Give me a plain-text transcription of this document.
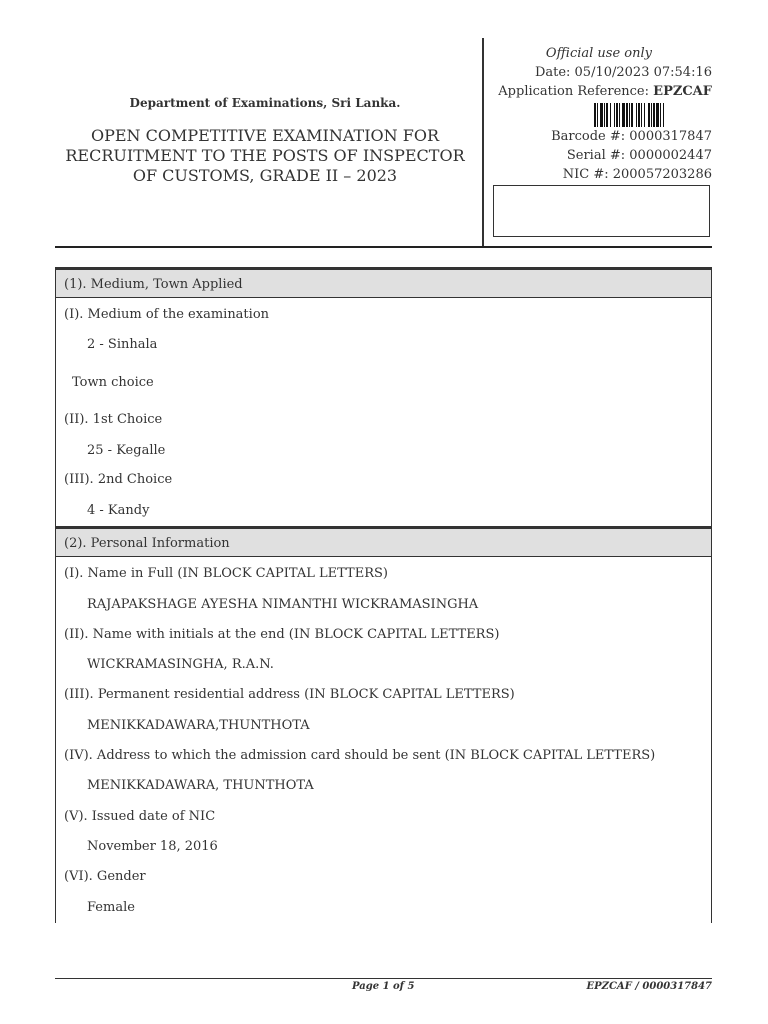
Department of Examinations, Sri Lanka.
OPEN COMPETITIVE EXAMINATION FOR RECRUITMENT TO THE POSTS OF INSPECTOR OF CUSTOMS, GRADE II – 2023
Official use only
Date: 05/10/2023 07:54:16
Application Reference: EPZCAF
Barcode #: 0000317847
Serial #: 0000002447
NIC #: 200057203286
(1). Medium, Town Applied
(I). Medium of the examination
2 - Sinhala
Town choice
(II). 1st Choice
25 - Kegalle
(III). 2nd Choice
4 - Kandy
(2). Personal Information
(I). Name in Full (IN BLOCK CAPITAL LETTERS)
RAJAPAKSHAGE AYESHA NIMANTHI WICKRAMASINGHA
(II). Name with initials at the end (IN BLOCK CAPITAL LETTERS)
WICKRAMASINGHA, R.A.N.
(III). Permanent residential address (IN BLOCK CAPITAL LETTERS)
MENIKKADAWARA,THUNTHOTA
(IV). Address to which the admission card should be sent (IN BLOCK CAPITAL LETTERS)
MENIKKADAWARA, THUNTHOTA
(V). Issued date of NIC
November 18, 2016
(VI). Gender
Female
Page 1 of 5	EPZCAF / 0000317847
